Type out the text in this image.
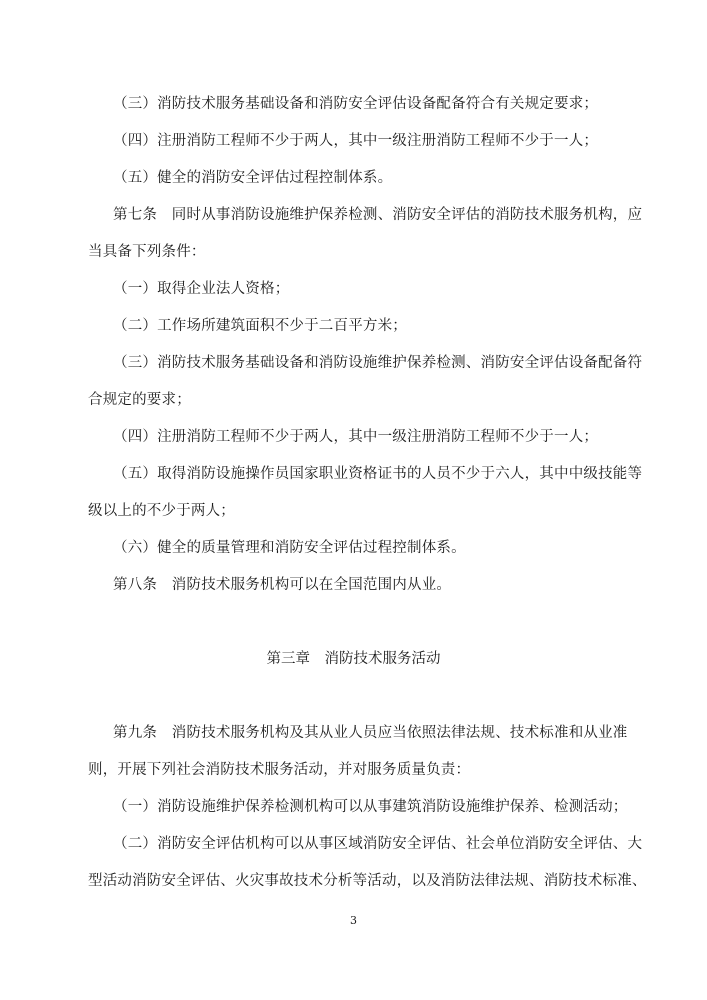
（三）消防技术服务基础设备和消防安全评估设备配备符合有关规定要求；
（四）注册消防工程师不少于两人，其中一级注册消防工程师不少于一人；
（五）健全的消防安全评估过程控制体系。
第七条　同时从事消防设施维护保养检测、消防安全评估的消防技术服务机构，应
当具备下列条件：
（一）取得企业法人资格；
（二）工作场所建筑面积不少于二百平方米；
（三）消防技术服务基础设备和消防设施维护保养检测、消防安全评估设备配备符
合规定的要求；
（四）注册消防工程师不少于两人，其中一级注册消防工程师不少于一人；
（五）取得消防设施操作员国家职业资格证书的人员不少于六人，其中中级技能等
级以上的不少于两人；
（六）健全的质量管理和消防安全评估过程控制体系。
第八条　消防技术服务机构可以在全国范围内从业。
第三章　消防技术服务活动
第九条　消防技术服务机构及其从业人员应当依照法律法规、技术标准和从业准
则，开展下列社会消防技术服务活动，并对服务质量负责：
（一）消防设施维护保养检测机构可以从事建筑消防设施维护保养、检测活动；
（二）消防安全评估机构可以从事区域消防安全评估、社会单位消防安全评估、大
型活动消防安全评估、火灾事故技术分析等活动，以及消防法律法规、消防技术标准、
3
